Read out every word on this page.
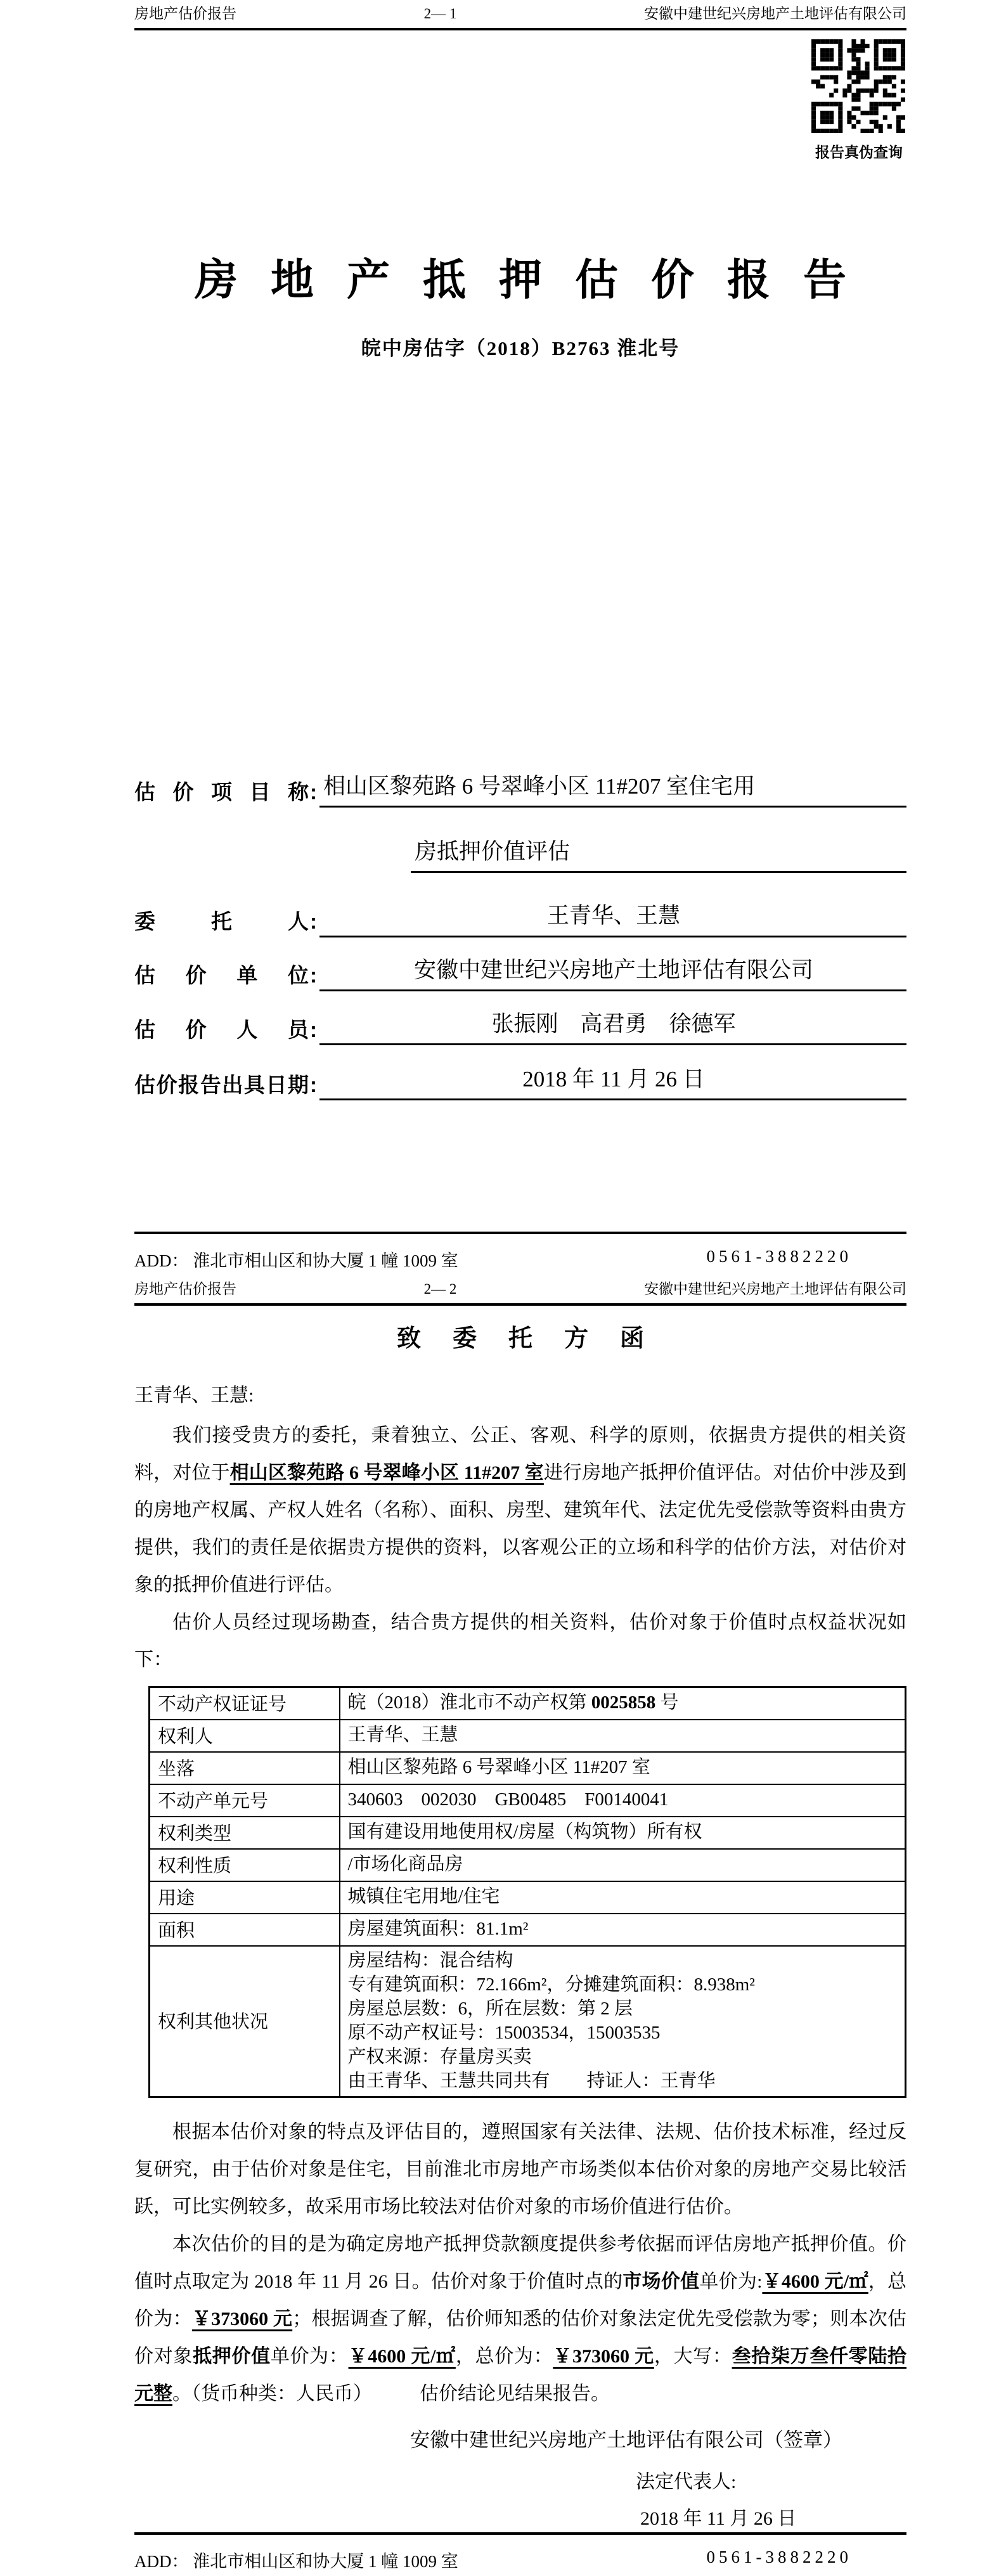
房地产估价报告	2— 1	安徽中建世纪兴房地产土地评估有限公司
报告真伪查询
房地产抵押估价报告
皖中房估字（2018）B2763 淮北号
估价项目称 : 相山区黎苑路 6 号翠峰小区 11#207 室住宅用
房抵押价值评估
委托人 :	王青华、王慧
估价单位 :	安徽中建世纪兴房地产土地评估有限公司
估价人员 :	张振刚　高君勇　徐德军
估价报告出具日期 :	2018 年 11 月 26 日
ADD： 淮北市相山区和协大厦 1 幢 1009 室	0561-3882220
房地产估价报告	2— 2	安徽中建世纪兴房地产土地评估有限公司
致委托方函
王青华、王慧:

我们接受贵方的委托，秉着独立、公正、客观、科学的原则，依据贵方提供的相关资料，对位于相山区黎苑路 6 号翠峰小区 11#207 室进行房地产抵押价值评估。对估价中涉及到的房地产权属、产权人姓名（名称）、面积、房型、建筑年代、法定优先受偿款等资料由贵方提供，我们的责任是依据贵方提供的资料，以客观公正的立场和科学的估价方法，对估价对象的抵押价值进行评估。

估价人员经过现场勘查，结合贵方提供的相关资料，估价对象于价值时点权益状况如下：

不动产权证证号	皖（2018）淮北市不动产权第 0025858 号

权利人	王青华、王慧

坐落	相山区黎苑路 6 号翠峰小区 11#207 室

不动产单元号	340603　002030　GB00485　F00140041

权利类型	国有建设用地使用权/房屋（构筑物）所有权

权利性质	/市场化商品房

用途	城镇住宅用地/住宅

面积	房屋建筑面积：81.1m²

权利其他状况	
房屋结构：混合结构
专有建筑面积：72.166m²，分摊建筑面积：8.938m²
房屋总层数：6，所在层数：第 2 层
原不动产权证号：15003534，15003535
产权来源：存量房买卖
由王青华、王慧共同共有　　持证人：王青华

根据本估价对象的特点及评估目的，遵照国家有关法律、法规、估价技术标准，经过反复研究，由于估价对象是住宅，目前淮北市房地产市场类似本估价对象的房地产交易比较活跃，可比实例较多，故采用市场比较法对估价对象的市场价值进行估价。

本次估价的目的是为确定房地产抵押贷款额度提供参考依据而评估房地产抵押价值。价值时点取定为 2018 年 11 月 26 日。估价对象于价值时点的市场价值单价为:￥4600 元/㎡，总价为：￥373060 元；根据调查了解，估价师知悉的估价对象法定优先受偿款为零；则本次估价对象抵押价值单价为：￥4600 元/㎡，总价为：￥373060 元，大写：叁拾柒万叁仟零陆拾元整。（货币种类：人民币）　　　估价结论见结果报告。

安徽中建世纪兴房地产土地评估有限公司（签章）
法定代表人:
2018 年 11 月 26 日
ADD： 淮北市相山区和协大厦 1 幢 1009 室	0561-3882220
